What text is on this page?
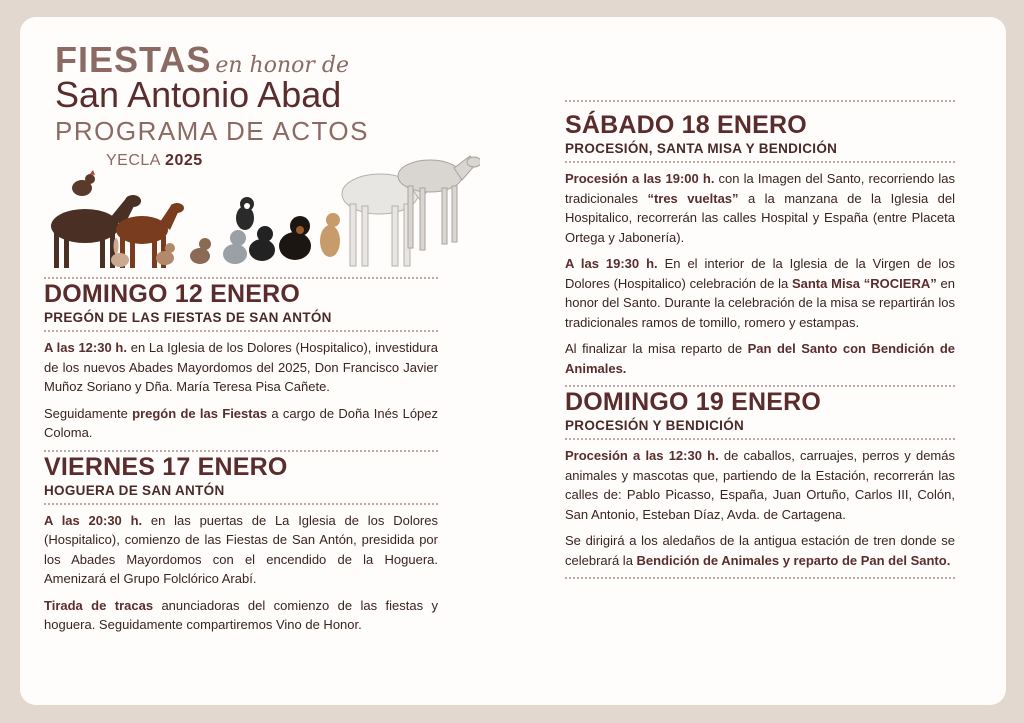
FIESTAS en honor de
San Antonio Abad
PROGRAMA DE ACTOS
YECLA 2025
DOMINGO 12 ENERO
PREGÓN DE LAS FIESTAS DE SAN ANTÓN

A las 12:30 h. en La Iglesia de los Dolores (Hospitalico), investidura de los nuevos Abades Mayordomos del 2025, Don Francisco Javier Muñoz Soriano y Dña. María Teresa Pisa Cañete.

Seguidamente pregón de las Fiestas a cargo de Doña Inés López Coloma.

VIERNES 17 ENERO
HOGUERA DE SAN ANTÓN

A las 20:30 h. en las puertas de La Iglesia de los Dolores (Hospitalico), comienzo de las Fiestas de San Antón, presidida por los Abades Mayordomos con el encendido de la Hoguera. Amenizará el Grupo Folclórico Arabí.

Tirada de tracas anunciadoras del comienzo de las fiestas y hoguera. Seguidamente compartiremos Vino de Honor.

SÁBADO 18 ENERO
PROCESIÓN, SANTA MISA Y BENDICIÓN

Procesión a las 19:00 h. con la Imagen del Santo, recorriendo las tradicionales “tres vueltas” a la manzana de la Iglesia del Hospitalico, recorrerán las calles Hospital y España (entre Placeta Ortega y Jabonería).

A las 19:30 h. En el interior de la Iglesia de la Virgen de los Dolores (Hospitalico) celebración de la Santa Misa “ROCIERA” en honor del Santo. Durante la celebración de la misa se repartirán los tradicionales ramos de tomillo, romero y estampas.

Al finalizar la misa reparto de Pan del Santo con Bendición de Animales.

DOMINGO 19 ENERO
PROCESIÓN Y BENDICIÓN

Procesión a las 12:30 h. de caballos, carruajes, perros y demás animales y mascotas que, partiendo de la Estación, recorrerán las calles de: Pablo Picasso, España, Juan Ortuño, Carlos III, Colón, San Antonio, Esteban Díaz, Avda. de Cartagena.

Se dirigirá a los aledaños de la antigua estación de tren donde se celebrará la Bendición de Animales y reparto de Pan del Santo.
